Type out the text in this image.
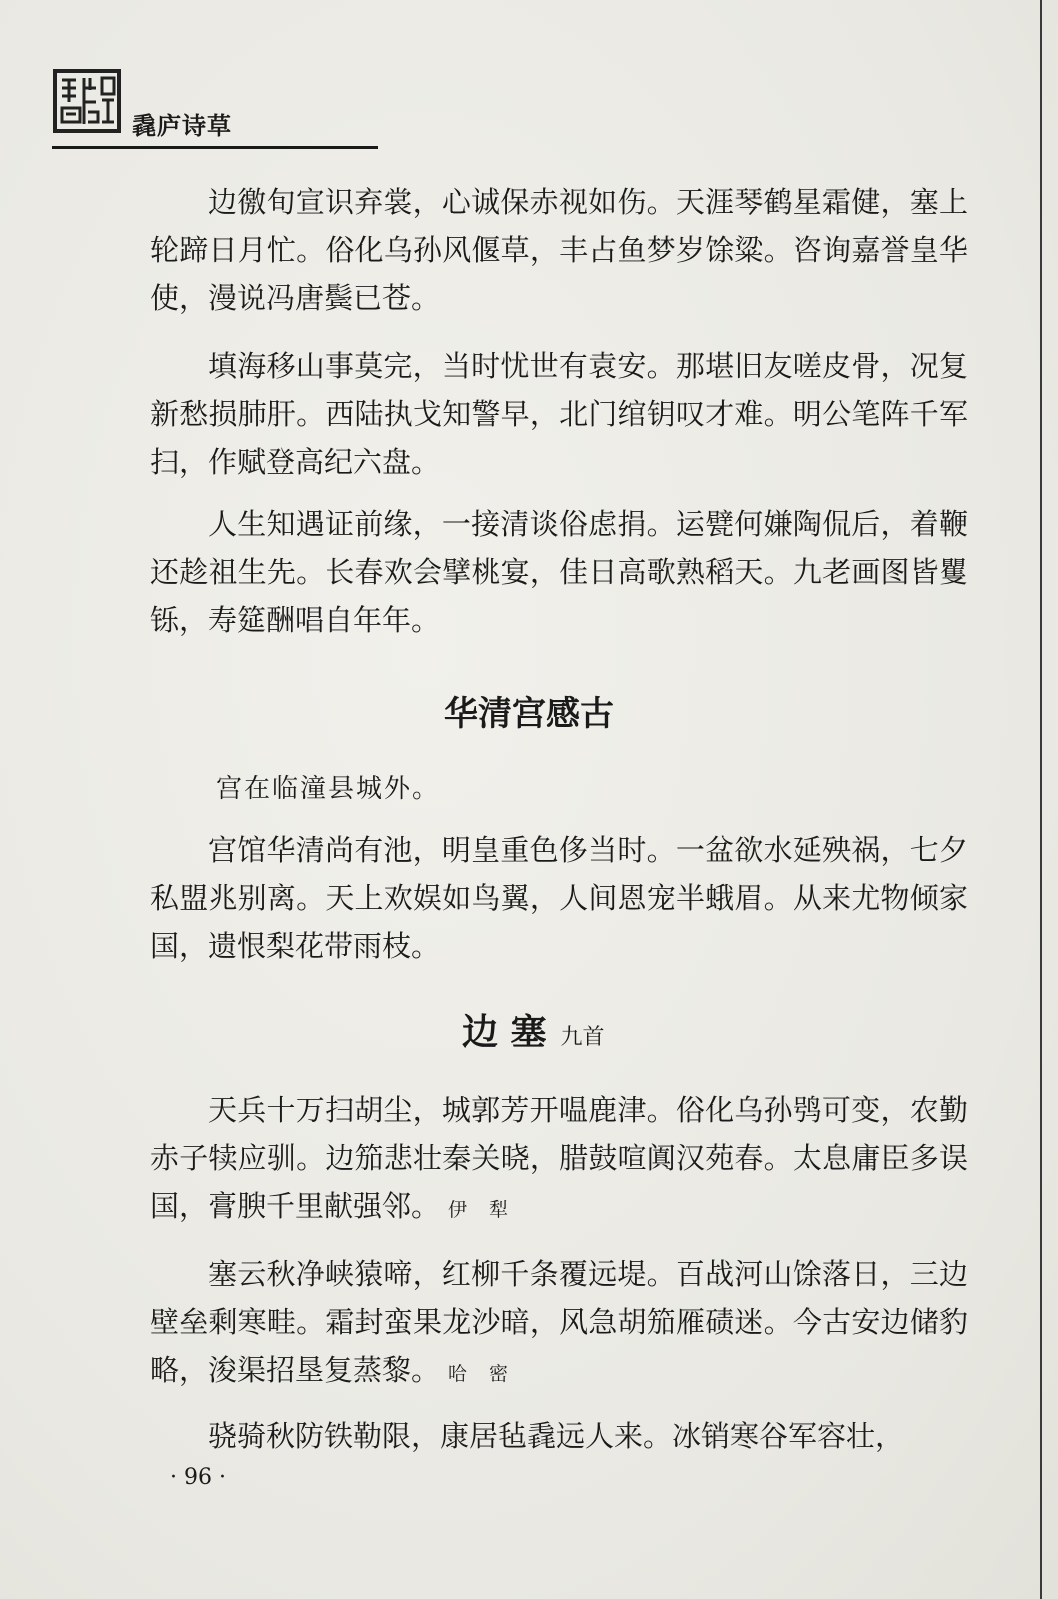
毳庐诗草
边徼旬宣识弃裳，心诚保赤视如伤。天涯琴鹤星霜健，塞上轮蹄日月忙。俗化乌孙风偃草，丰占鱼梦岁馀粱。咨询嘉誉皇华使，漫说冯唐鬓已苍。
填海移山事莫完，当时忧世有袁安。那堪旧友嗟皮骨，况复新愁损肺肝。西陆执戈知警早，北门绾钥叹才难。明公笔阵千军扫，作赋登高纪六盘。
人生知遇证前缘，一接清谈俗虑捐。运甓何嫌陶侃后，着鞭还趁祖生先。长春欢会擘桃宴，佳日高歌熟稻天。九老画图皆矍铄，寿筵酬唱自年年。
华清宫感古
宫在临潼县城外。
宫馆华清尚有池，明皇重色侈当时。一盆欲水延殃祸，七夕私盟兆别离。天上欢娱如鸟翼，人间恩宠半蛾眉。从来尤物倾家国，遗恨梨花带雨枝。
边 塞 九首
天兵十万扫胡尘，城郭芳开嗢鹿津。俗化乌孙鸮可变，农勤赤子犊应驯。边笳悲壮秦关晓，腊鼓喧阗汉苑春。太息庸臣多误国，膏腴千里献强邻。 伊犁
塞云秋净峡猿啼，红柳千条覆远堤。百战河山馀落日，三边壁垒剩寒畦。霜封蛮果龙沙暗，风急胡笳雁碛迷。今古安边储豹略，浚渠招垦复蒸黎。 哈密
骁骑秋防铁勒限，康居毡毳远人来。冰销寒谷军容壮，
· 96 ·
